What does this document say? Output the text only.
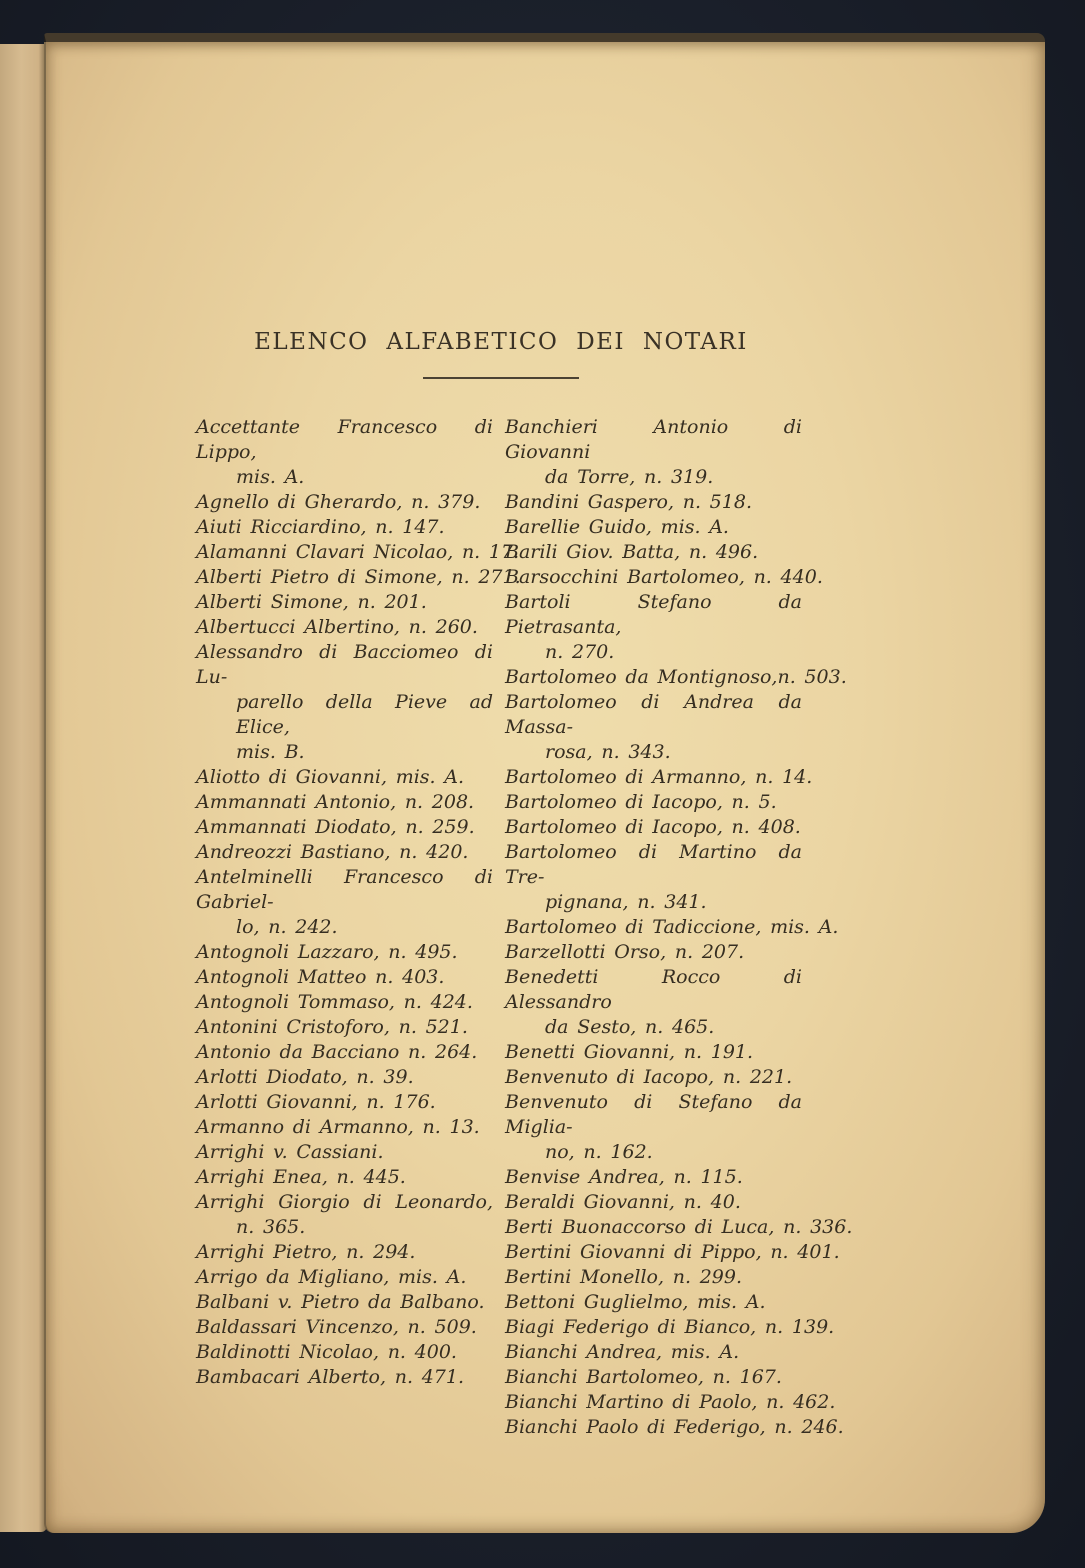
ELENCO ALFABETICO DEI NOTARI
Accettante Francesco di Lippo,
mis. A.
Agnello di Gherardo, n. 379.
Aiuti Ricciardino, n. 147.
Alamanni Clavari Nicolao, n. 17.
Alberti Pietro di Simone, n. 271.
Alberti Simone, n. 201.
Albertucci Albertino, n. 260.
Alessandro di Bacciomeo di Lu-
parello della Pieve ad Elice,
mis. B.
Aliotto di Giovanni, mis. A.
Ammannati Antonio, n. 208.
Ammannati Diodato, n. 259.
Andreozzi Bastiano, n. 420.
Antelminelli Francesco di Gabriel-
lo, n. 242.
Antognoli Lazzaro, n. 495.
Antognoli Matteo n. 403.
Antognoli Tommaso, n. 424.
Antonini Cristoforo, n. 521.
Antonio da Bacciano n. 264.
Arlotti Diodato, n. 39.
Arlotti Giovanni, n. 176.
Armanno di Armanno, n. 13.
Arrighi v. Cassiani.
Arrighi Enea, n. 445.
Arrighi Giorgio di Leonardo,
n. 365.
Arrighi Pietro, n. 294.
Arrigo da Migliano, mis. A.
Balbani v. Pietro da Balbano.
Baldassari Vincenzo, n. 509.
Baldinotti Nicolao, n. 400.
Bambacari Alberto, n. 471.
Banchieri Antonio di Giovanni
da Torre, n. 319.
Bandini Gaspero, n. 518.
Barellie Guido, mis. A.
Barili Giov. Batta, n. 496.
Barsocchini Bartolomeo, n. 440.
Bartoli Stefano da Pietrasanta,
n. 270.
Bartolomeo da Montignoso,n. 503.
Bartolomeo di Andrea da Massa-
rosa, n. 343.
Bartolomeo di Armanno, n. 14.
Bartolomeo di Iacopo, n. 5.
Bartolomeo di Iacopo, n. 408.
Bartolomeo di Martino da Tre-
pignana, n. 341.
Bartolomeo di Tadiccione, mis. A.
Barzellotti Orso, n. 207.
Benedetti Rocco di Alessandro
da Sesto, n. 465.
Benetti Giovanni, n. 191.
Benvenuto di Iacopo, n. 221.
Benvenuto di Stefano da Miglia-
no, n. 162.
Benvise Andrea, n. 115.
Beraldi Giovanni, n. 40.
Berti Buonaccorso di Luca, n. 336.
Bertini Giovanni di Pippo, n. 401.
Bertini Monello, n. 299.
Bettoni Guglielmo, mis. A.
Biagi Federigo di Bianco, n. 139.
Bianchi Andrea, mis. A.
Bianchi Bartolomeo, n. 167.
Bianchi Martino di Paolo, n. 462.
Bianchi Paolo di Federigo, n. 246.
